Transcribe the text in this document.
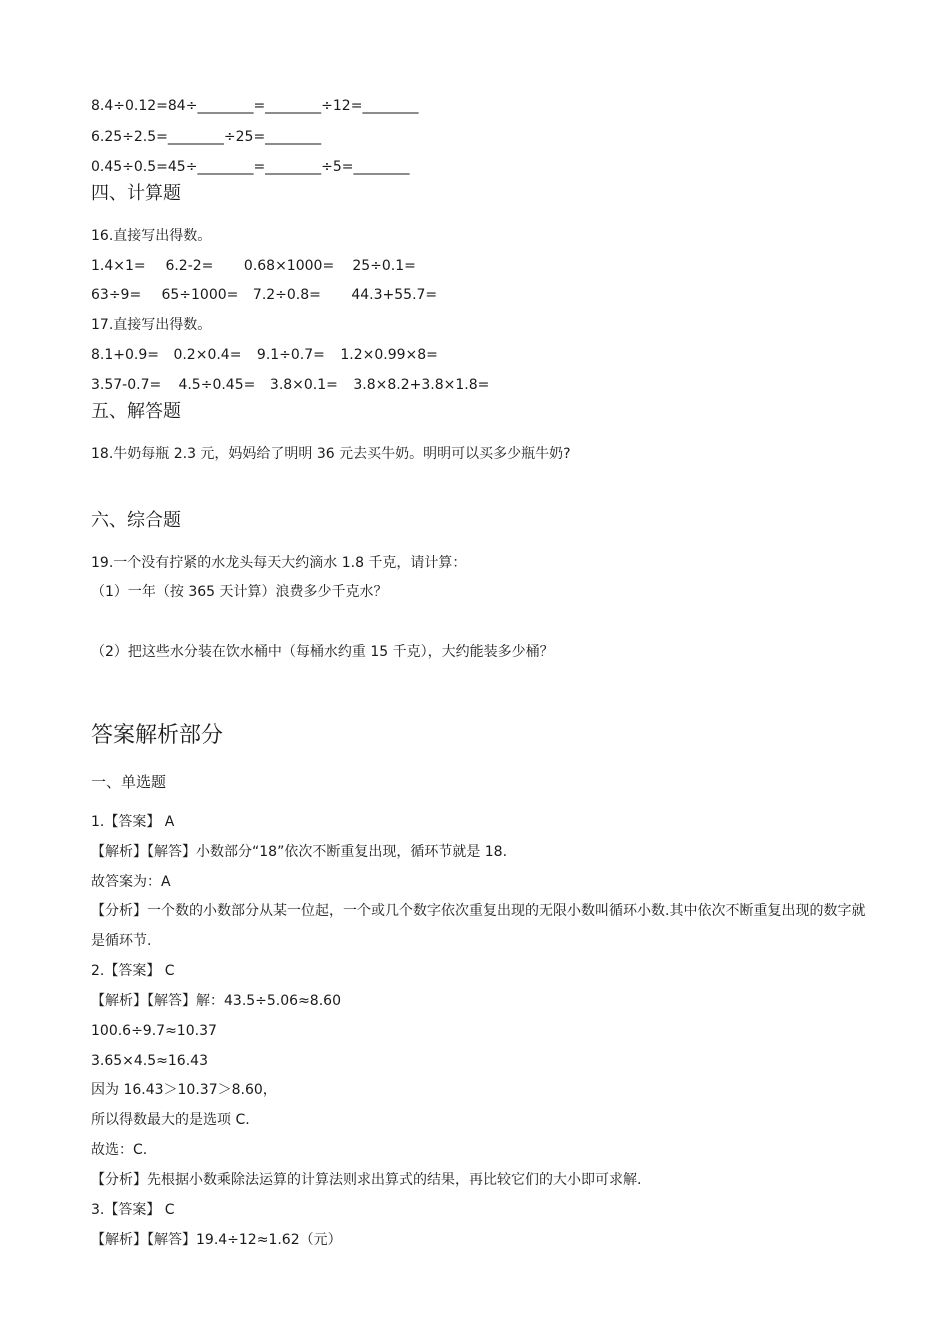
8.4÷0.12=84÷________=________÷12=________
6.25÷2.5=________÷25=________
0.45÷0.5=45÷________=________÷5=________
四、计算题
16.直接写出得数。
1.4×1= 6.2-2= 0.68×1000= 25÷0.1=
63÷9= 65÷1000= 7.2÷0.8= 44.3+55.7=
17.直接写出得数。
8.1+0.9= 0.2×0.4= 9.1÷0.7= 1.2×0.99×8=
3.57-0.7= 4.5÷0.45= 3.8×0.1= 3.8×8.2+3.8×1.8=
五、解答题
18.牛奶每瓶 2.3 元，妈妈给了明明 36 元去买牛奶。明明可以买多少瓶牛奶?
六、综合题
19.一个没有拧紧的水龙头每天大约滴水 1.8 千克，请计算：
（1）一年（按 365 天计算）浪费多少千克水？
（2）把这些水分装在饮水桶中（每桶水约重 15 千克），大约能装多少桶？
答案解析部分
一、单选题
1.【答案】 A
【解析】【解答】小数部分“18”依次不断重复出现，循环节就是 18.
故答案为：A
【分析】一个数的小数部分从某一位起，一个或几个数字依次重复出现的无限小数叫循环小数.其中依次不断重复出现的数字就是循环节.
2.【答案】 C
【解析】【解答】解：43.5÷5.06≈8.60
100.6÷9.7≈10.37
3.65×4.5≈16.43
因为 16.43＞10.37＞8.60，
所以得数最大的是选项 C.
故选：C.
【分析】先根据小数乘除法运算的计算法则求出算式的结果，再比较它们的大小即可求解.
3.【答案】 C
【解析】【解答】19.4÷12≈1.62（元）
